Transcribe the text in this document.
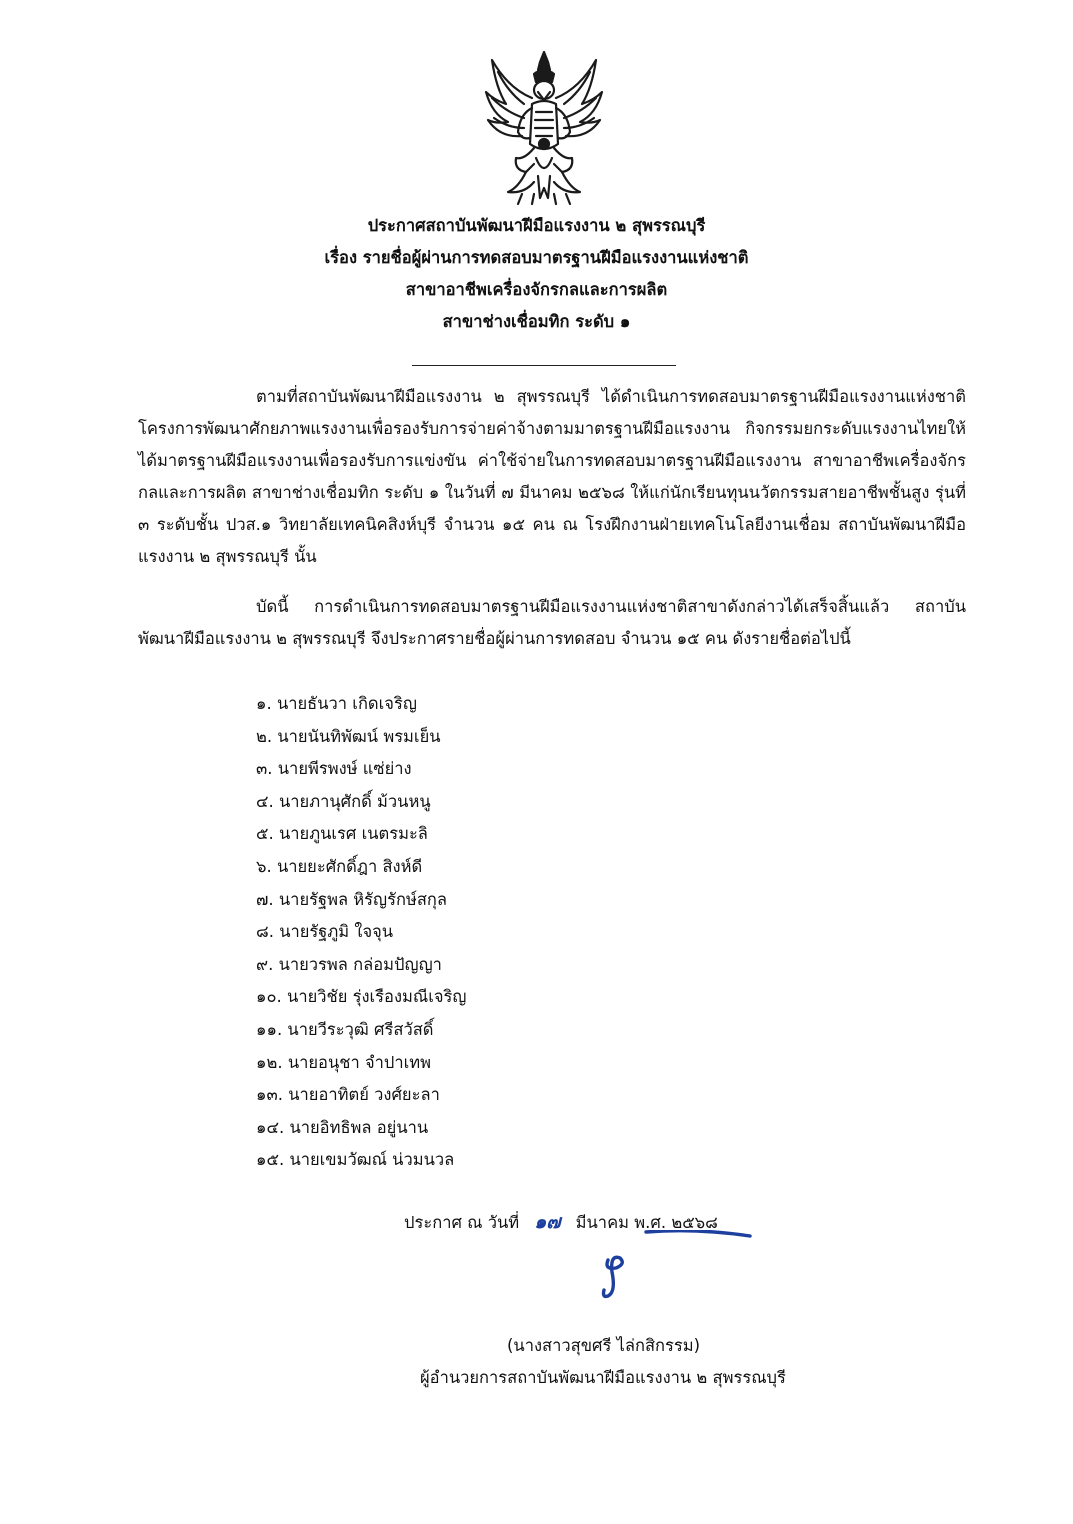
ประกาศสถาบันพัฒนาฝีมือแรงงาน ๒ สุพรรณบุรี
เรื่อง รายชื่อผู้ผ่านการทดสอบมาตรฐานฝีมือแรงงานแห่งชาติ
สาขาอาชีพเครื่องจักรกลและการผลิต
สาขาช่างเชื่อมทิก ระดับ ๑
ตามที่สถาบันพัฒนาฝีมือแรงงาน ๒ สุพรรณบุรี ได้ดำเนินการทดสอบมาตรฐานฝีมือแรงงานแห่งชาติ โครงการพัฒนาศักยภาพแรงงานเพื่อรองรับการจ่ายค่าจ้างตามมาตรฐานฝีมือแรงงาน กิจกรรมยกระดับแรงงานไทยให้ได้มาตรฐานฝีมือแรงงานเพื่อรองรับการแข่งขัน ค่าใช้จ่ายในการทดสอบมาตรฐานฝีมือแรงงาน สาขาอาชีพเครื่องจักรกลและการผลิต สาขาช่างเชื่อมทิก ระดับ ๑ ในวันที่ ๗ มีนาคม ๒๕๖๘ ให้แก่นักเรียนทุนนวัตกรรมสายอาชีพชั้นสูง รุ่นที่ ๓ ระดับชั้น ปวส.๑ วิทยาลัยเทคนิคสิงห์บุรี จำนวน ๑๕ คน ณ โรงฝึกงานฝ่ายเทคโนโลยีงานเชื่อม สถาบันพัฒนาฝีมือแรงงาน ๒ สุพรรณบุรี นั้น
บัดนี้ การดำเนินการทดสอบมาตรฐานฝีมือแรงงานแห่งชาติสาขาดังกล่าวได้เสร็จสิ้นแล้ว สถาบันพัฒนาฝีมือแรงงาน ๒ สุพรรณบุรี จึงประกาศรายชื่อผู้ผ่านการทดสอบ จำนวน ๑๕ คน ดังรายชื่อต่อไปนี้
๑. นายธันวา เกิดเจริญ
๒. นายนันทิพัฒน์ พรมเย็น
๓. นายพีรพงษ์ แซ่ย่าง
๔. นายภานุศักดิ์ ม้วนหนู
๕. นายภูนเรศ เนตรมะลิ
๖. นายยะศักดิ์ฎา สิงห์ดี
๗. นายรัฐพล หิรัญรักษ์สกุล
๘. นายรัฐภูมิ ใจจุน
๙. นายวรพล กล่อมปัญญา
๑๐. นายวิชัย รุ่งเรืองมณีเจริญ
๑๑. นายวีระวุฒิ ศรีสวัสดิ์
๑๒. นายอนุชา จำปาเทพ
๑๓. นายอาทิตย์ วงศ์ยะลา
๑๔. นายอิทธิพล อยู่นาน
๑๕. นายเขมวัฒณ์ น่วมนวล
ประกาศ ณ วันที่ ๑๗ มีนาคม พ.ศ. ๒๕๖๘
(นางสาวสุขศรี ไล่กสิกรรม)
ผู้อำนวยการสถาบันพัฒนาฝีมือแรงงาน ๒ สุพรรณบุรี
